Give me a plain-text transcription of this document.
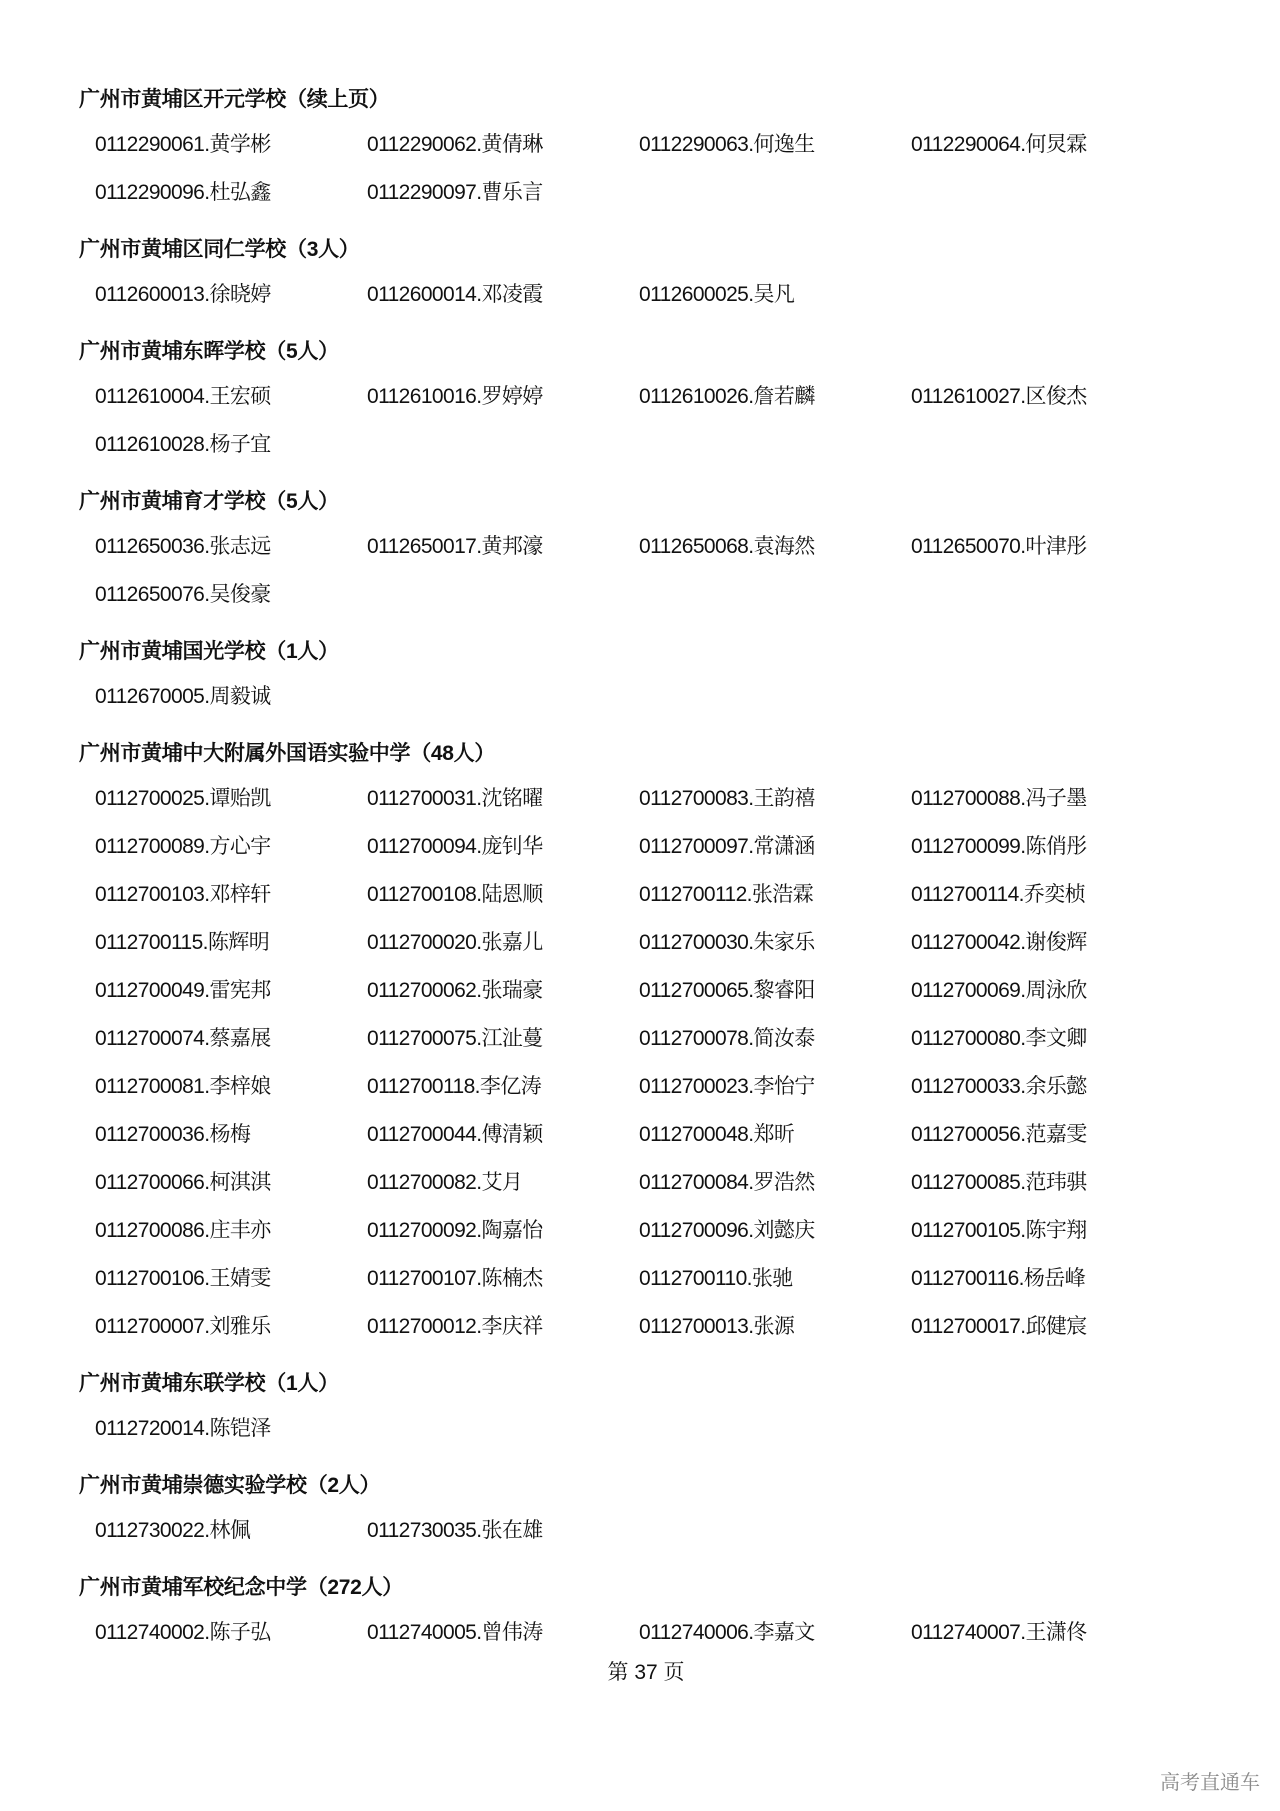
广州市黄埔区开元学校（续上页）
0112290061.黄学彬	0112290062.黄倩琳	0112290063.何逸生	0112290064.何炅霖
0112290096.杜弘鑫	0112290097.曹乐言
广州市黄埔区同仁学校（3人）
0112600013.徐晓婷	0112600014.邓凌霞	0112600025.吴凡
广州市黄埔东晖学校（5人）
0112610004.王宏硕	0112610016.罗婷婷	0112610026.詹若麟	0112610027.区俊杰
0112610028.杨子宜
广州市黄埔育才学校（5人）
0112650036.张志远	0112650017.黄邦濠	0112650068.袁海然	0112650070.叶津彤
0112650076.吴俊豪
广州市黄埔国光学校（1人）
0112670005.周毅诚
广州市黄埔中大附属外国语实验中学（48人）
0112700025.谭贻凯	0112700031.沈铭曜	0112700083.王韵禧	0112700088.冯子墨
0112700089.方心宇	0112700094.庞钊华	0112700097.常潇涵	0112700099.陈俏彤
0112700103.邓梓轩	0112700108.陆恩顺	0112700112.张浩霖	0112700114.乔奕桢
0112700115.陈辉明	0112700020.张嘉儿	0112700030.朱家乐	0112700042.谢俊辉
0112700049.雷宪邦	0112700062.张瑞豪	0112700065.黎睿阳	0112700069.周泳欣
0112700074.蔡嘉展	0112700075.江沚蔓	0112700078.简汝泰	0112700080.李文卿
0112700081.李梓娘	0112700118.李亿涛	0112700023.李怡宁	0112700033.余乐懿
0112700036.杨梅	0112700044.傅清颖	0112700048.郑昕	0112700056.范嘉雯
0112700066.柯淇淇	0112700082.艾月	0112700084.罗浩然	0112700085.范玮骐
0112700086.庄丰亦	0112700092.陶嘉怡	0112700096.刘懿庆	0112700105.陈宇翔
0112700106.王婧雯	0112700107.陈楠杰	0112700110.张驰	0112700116.杨岳峰
0112700007.刘雅乐	0112700012.李庆祥	0112700013.张源	0112700017.邱健宸
广州市黄埔东联学校（1人）
0112720014.陈铠泽
广州市黄埔崇德实验学校（2人）
0112730022.林佩	0112730035.张在雄
广州市黄埔军校纪念中学（272人）
0112740002.陈子弘	0112740005.曾伟涛	0112740006.李嘉文	0112740007.王潇佟
第 37 页
高考直通车
